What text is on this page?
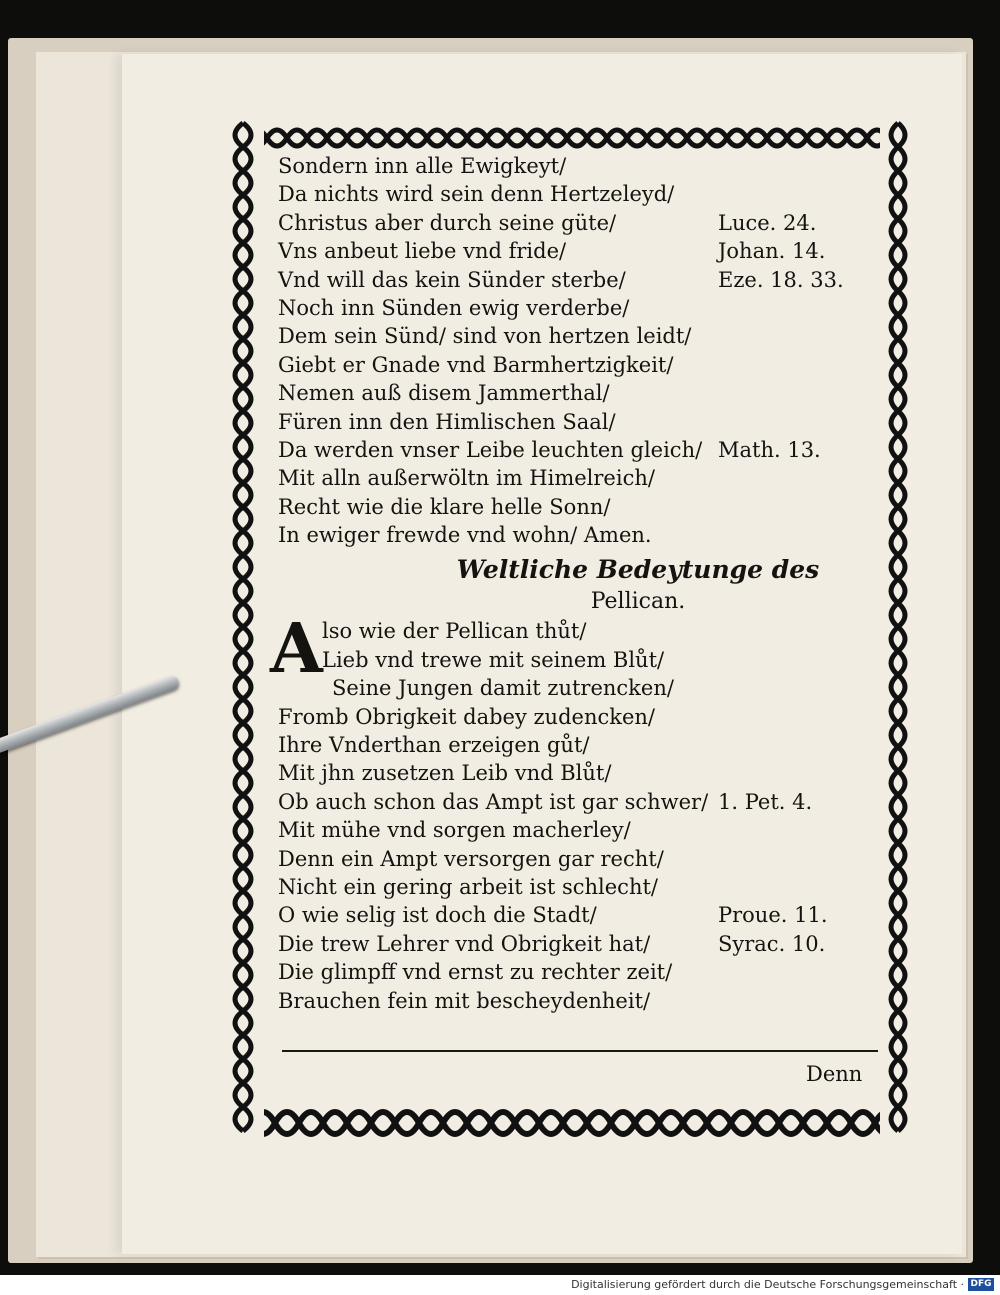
Sondern inn alle Ewigkeyt/
Da nichts wird sein denn Hertzeleyd/
Christus aber durch seine güte/	Luce. 24.
Vns anbeut liebe vnd fride/	Johan. 14.
Vnd will das kein Sünder sterbe/	Eze. 18. 33.
Noch inn Sünden ewig verderbe/
Dem sein Sünd/ sind von hertzen leidt/
Giebt er Gnade vnd Barmhertzigkeit/
Nemen auß disem Jammerthal/
Füren inn den Himlischen Saal/
Da werden vnser Leibe leuchten gleich/ Math. 13.
Mit alln außerwöltn im Himelreich/
Recht wie die klare helle Sonn/
In ewiger frewde vnd wohn/ Amen.
Weltliche Bedeytunge des
Pellican.
A lso wie der Pellican thůt/
Lieb vnd trewe mit seinem Blůt/
Seine Jungen damit zutrencken/
Fromb Obrigkeit dabey zudencken/
Ihre Vnderthan erzeigen gůt/
Mit jhn zusetzen Leib vnd Blůt/
Ob auch schon das Ampt ist gar schwer/ 1. Pet. 4.
Mit mühe vnd sorgen macherley/
Denn ein Ampt versorgen gar recht/
Nicht ein gering arbeit ist schlecht/
O wie selig ist doch die Stadt/	Proue. 11.
Die trew Lehrer vnd Obrigkeit hat/	Syrac. 10.
Die glimpff vnd ernst zu rechter zeit/
Brauchen fein mit bescheydenheit/
Denn
Digitalisierung gefördert durch die Deutsche Forschungsgemeinschaft · DFG
